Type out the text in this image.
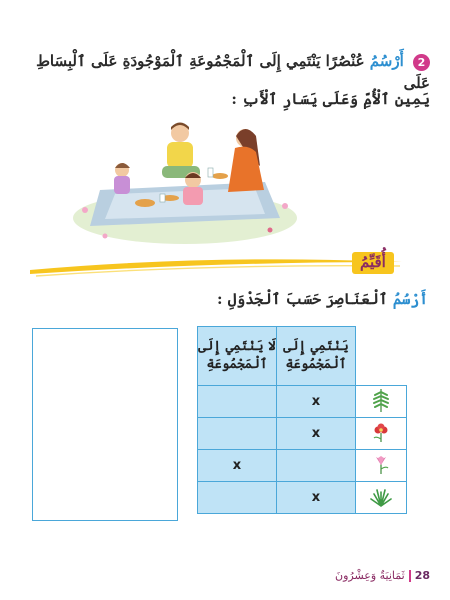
2 أَرْسُمُ عُنْصُرًا يَنْتَمِي إِلَى ٱلْمَجْمُوعَةِ ٱلْمَوْجُودَةِ عَلَى ٱلْبِسَاطِ عَلَى
يَمِينِ ٱلْأُمِّ وَعَلَى يَسَارِ ٱلْأَبِ :
أُقَيِّمُ
أَرْسُمُ ٱلْعَنَاصِرَ حَسَبَ ٱلْجَدْوَلِ :
لَا يَنْتَمِي إِلَى ٱلْمَجْمُوعَةِ	يَنْتَمِي إِلَى ٱلْمَجْمُوعَةِ	
	x	
	x	
x		
	x	
28ثَمَانِيَةٌ وَعِشْرُونَ
